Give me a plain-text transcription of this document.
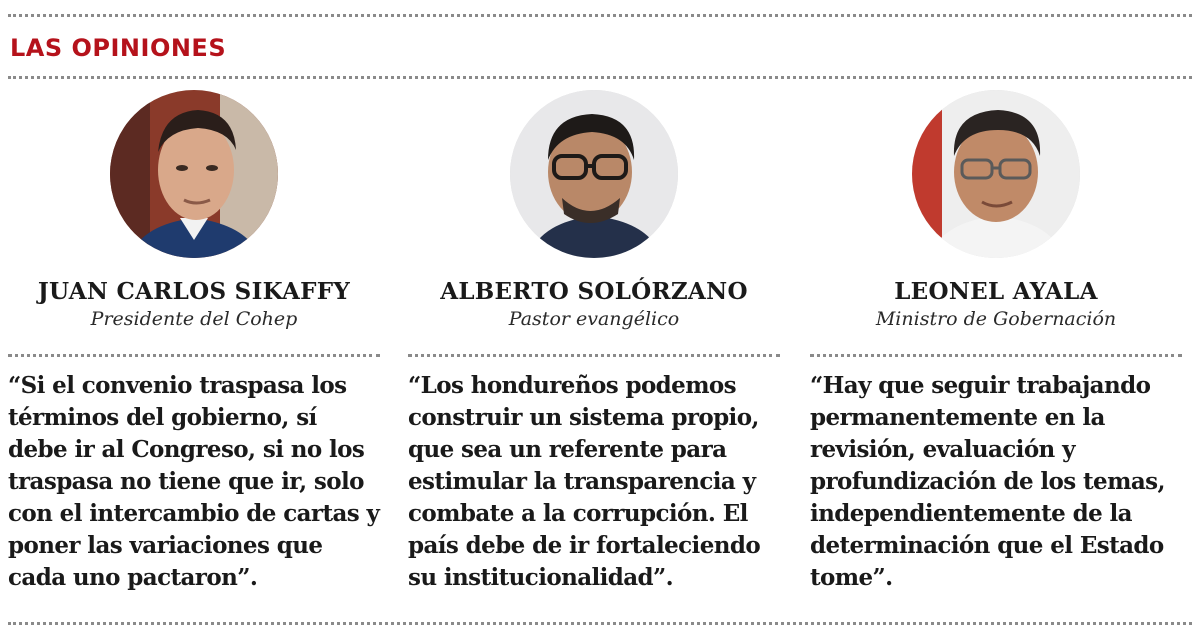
LAS OPINIONES
JUAN CARLOS SIKAFFY
Presidente del Cohep
“Si el convenio traspasa los términos del gobierno, sí debe ir al Congreso, si no los traspasa no tiene que ir, solo con el intercambio de cartas y poner las variaciones que cada uno pactaron”.
ALBERTO SOLÓRZANO
Pastor evangélico
“Los hondureños podemos construir un sistema propio, que sea un referente para estimular la transparencia y combate a la corrupción. El país debe de ir fortaleciendo su institucionalidad”.
LEONEL AYALA
Ministro de Gobernación
“Hay que seguir trabajando permanentemente en la revisión, evaluación y profundización de los temas, independientemente de la determinación que el Estado tome”.
